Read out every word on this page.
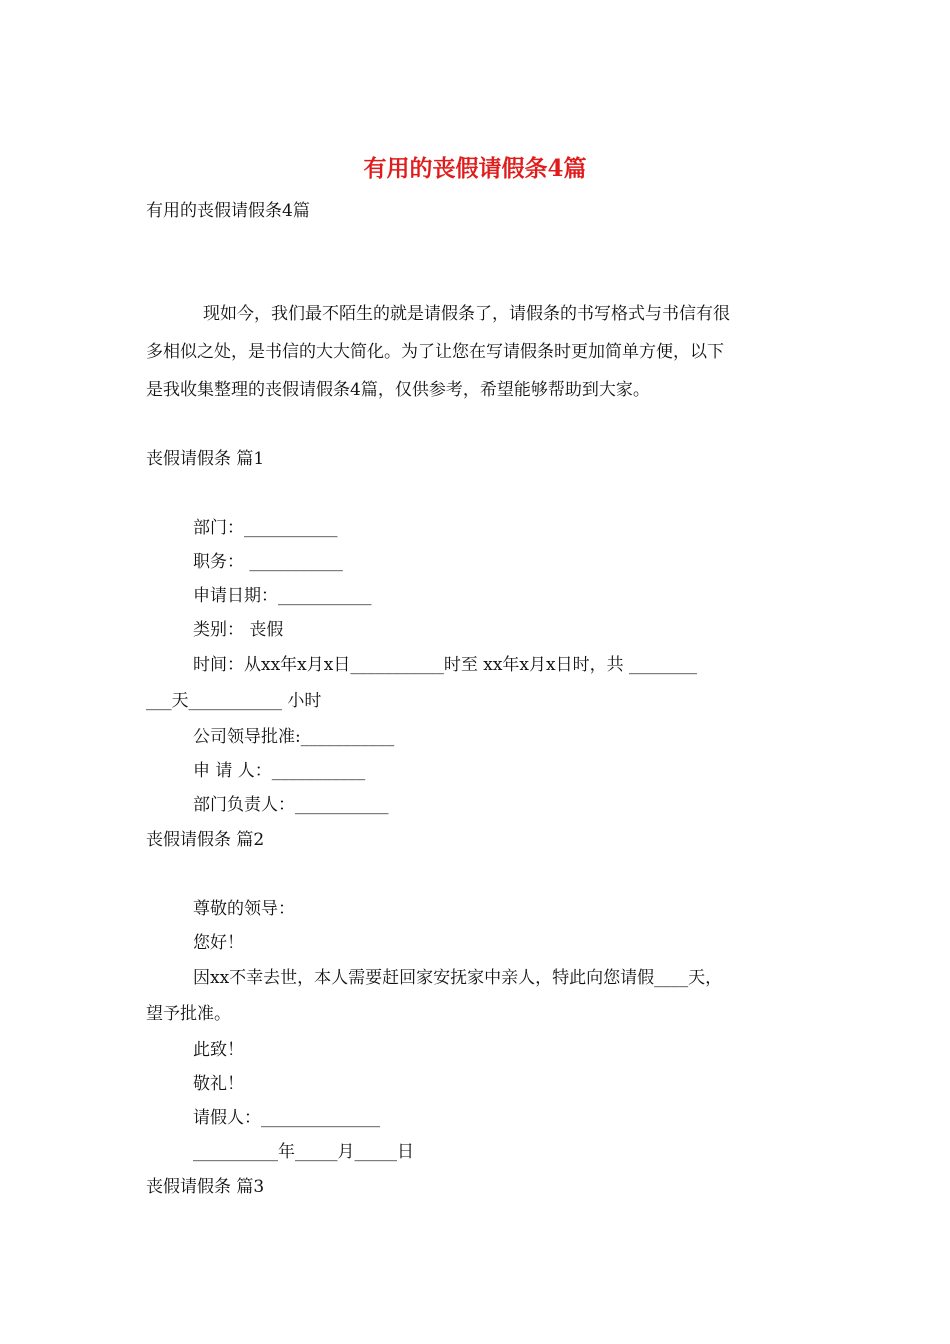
有用的丧假请假条4篇
有用的丧假请假条4篇
现如今，我们最不陌生的就是请假条了，请假条的书写格式与书信有很
多相似之处，是书信的大大简化。为了让您在写请假条时更加简单方便，以下
是我收集整理的丧假请假条4篇，仅供参考，希望能够帮助到大家。
丧假请假条 篇1
部门：___________
职务： ___________
申请日期：___________
类别： 丧假
时间：从xx年x月x日___________时至 xx年x月x日时，共 ________
___天___________ 小时
公司领导批准:___________
申 请 人：___________
部门负责人：___________
丧假请假条 篇2
尊敬的领导：
您好！
因xx不幸去世，本人需要赶回家安抚家中亲人，特此向您请假____天，
望予批准。
此致！
敬礼！
请假人：______________
__________年_____月_____日
丧假请假条 篇3
